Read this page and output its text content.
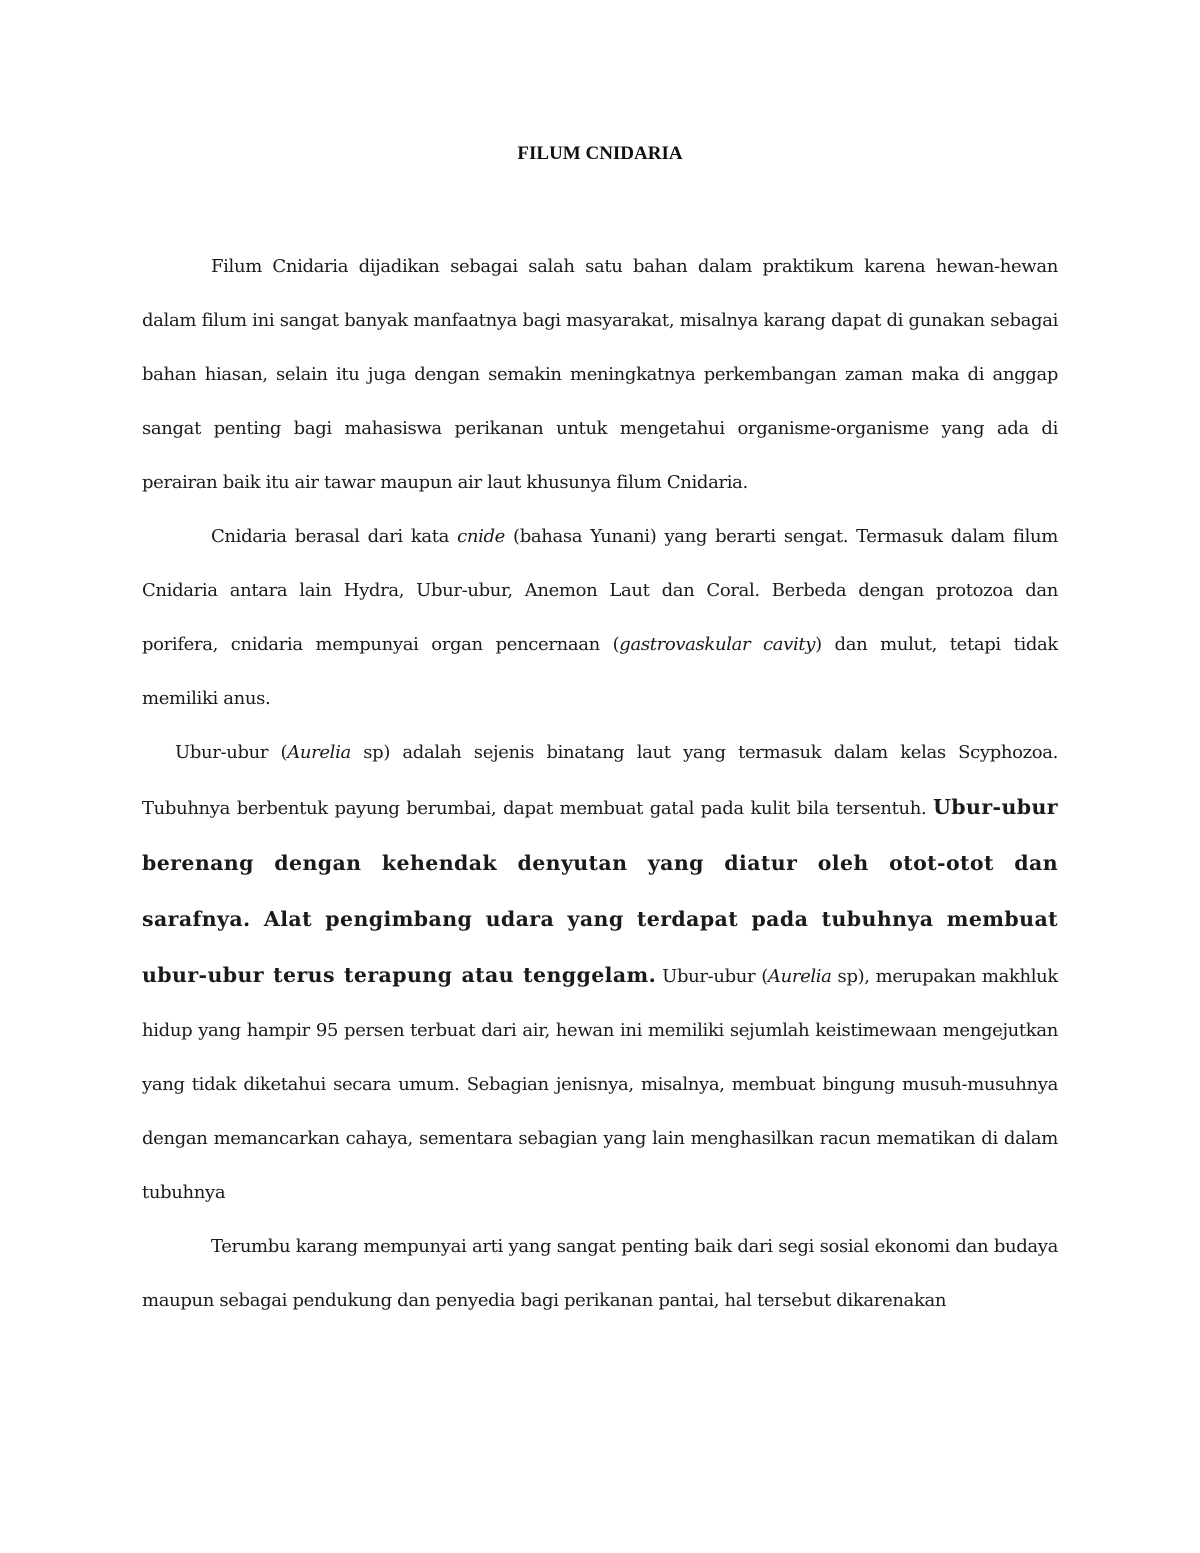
FILUM CNIDARIA

Filum Cnidaria dijadikan sebagai salah satu bahan dalam praktikum karena hewan-hewan dalam filum ini sangat banyak manfaatnya bagi masyarakat, misalnya karang dapat di gunakan sebagai bahan hiasan, selain itu juga dengan semakin meningkatnya perkembangan zaman maka di anggap sangat penting bagi mahasiswa perikanan untuk mengetahui organisme-organisme yang ada di perairan baik itu air tawar maupun air laut khusunya filum Cnidaria.

Cnidaria berasal dari kata cnide (bahasa Yunani) yang berarti sengat. Termasuk dalam filum Cnidaria antara lain Hydra, Ubur-ubur, Anemon Laut dan Coral. Berbeda dengan protozoa dan porifera, cnidaria mempunyai organ pencernaan (gastrovaskular cavity) dan mulut, tetapi tidak memiliki anus.

Ubur-ubur (Aurelia sp) adalah sejenis binatang laut yang termasuk dalam kelas Scyphozoa. Tubuhnya berbentuk payung berumbai, dapat membuat gatal pada kulit bila tersentuh. Ubur-ubur berenang dengan kehendak denyutan yang diatur oleh otot-otot dan sarafnya. Alat pengimbang udara yang terdapat pada tubuhnya membuat ubur-ubur terus terapung atau tenggelam. Ubur-ubur (Aurelia sp), merupakan makhluk hidup yang hampir 95 persen terbuat dari air, hewan ini memiliki sejumlah keistimewaan mengejutkan yang tidak diketahui secara umum. Sebagian jenisnya, misalnya, membuat bingung musuh-musuhnya dengan memancarkan cahaya, sementara sebagian yang lain menghasilkan racun mematikan di dalam tubuhnya

Terumbu karang mempunyai arti yang sangat penting baik dari segi sosial ekonomi dan budaya maupun sebagai pendukung dan penyedia bagi perikanan pantai, hal tersebut dikarenakan
